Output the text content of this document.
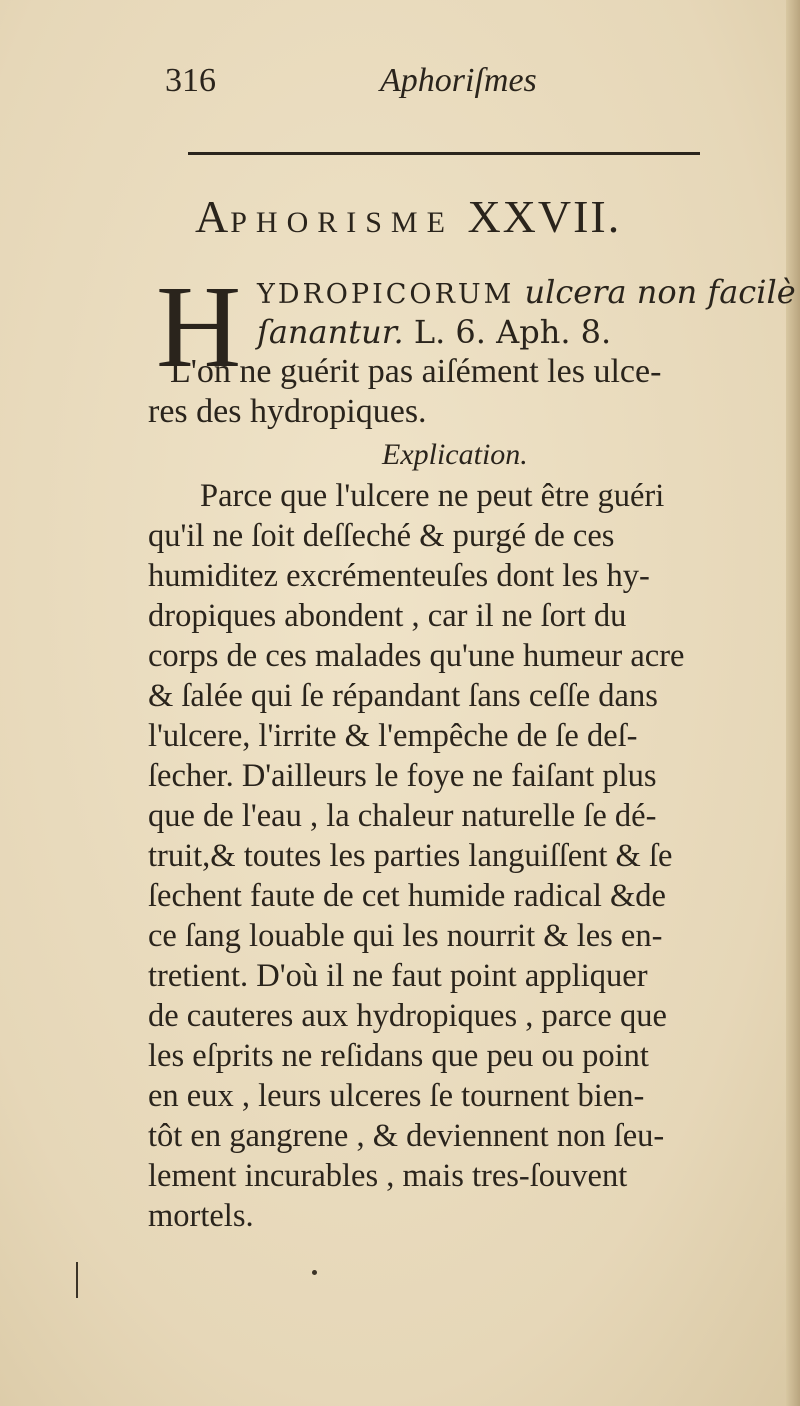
316	Aphoriſmes
APHORISME XXVII.
H YDROPICORUM ulcera non facilè
ſanantur. L. 6. Aph. 8.
L'on ne guérit pas aiſément les ulce-
res des hydropiques.
Explication.
Parce que l'ulcere ne peut être guéri
qu'il ne ſoit deſſeché & purgé de ces
humiditez excrémenteuſes dont les hy-
dropiques abondent , car il ne ſort du
corps de ces malades qu'une humeur acre
& ſalée qui ſe répandant ſans ceſſe dans
l'ulcere, l'irrite & l'empêche de ſe deſ-
ſecher. D'ailleurs le foye ne faiſant plus
que de l'eau , la chaleur naturelle ſe dé-
truit,& toutes les parties languiſſent & ſe
ſechent faute de cet humide radical &de
ce ſang louable qui les nourrit & les en-
tretient. D'où il ne faut point appliquer
de cauteres aux hydropiques , parce que
les eſprits ne reſidans que peu ou point
en eux , leurs ulceres ſe tournent bien-
tôt en gangrene , & deviennent non ſeu-
lement incurables , mais tres-ſouvent
mortels.
